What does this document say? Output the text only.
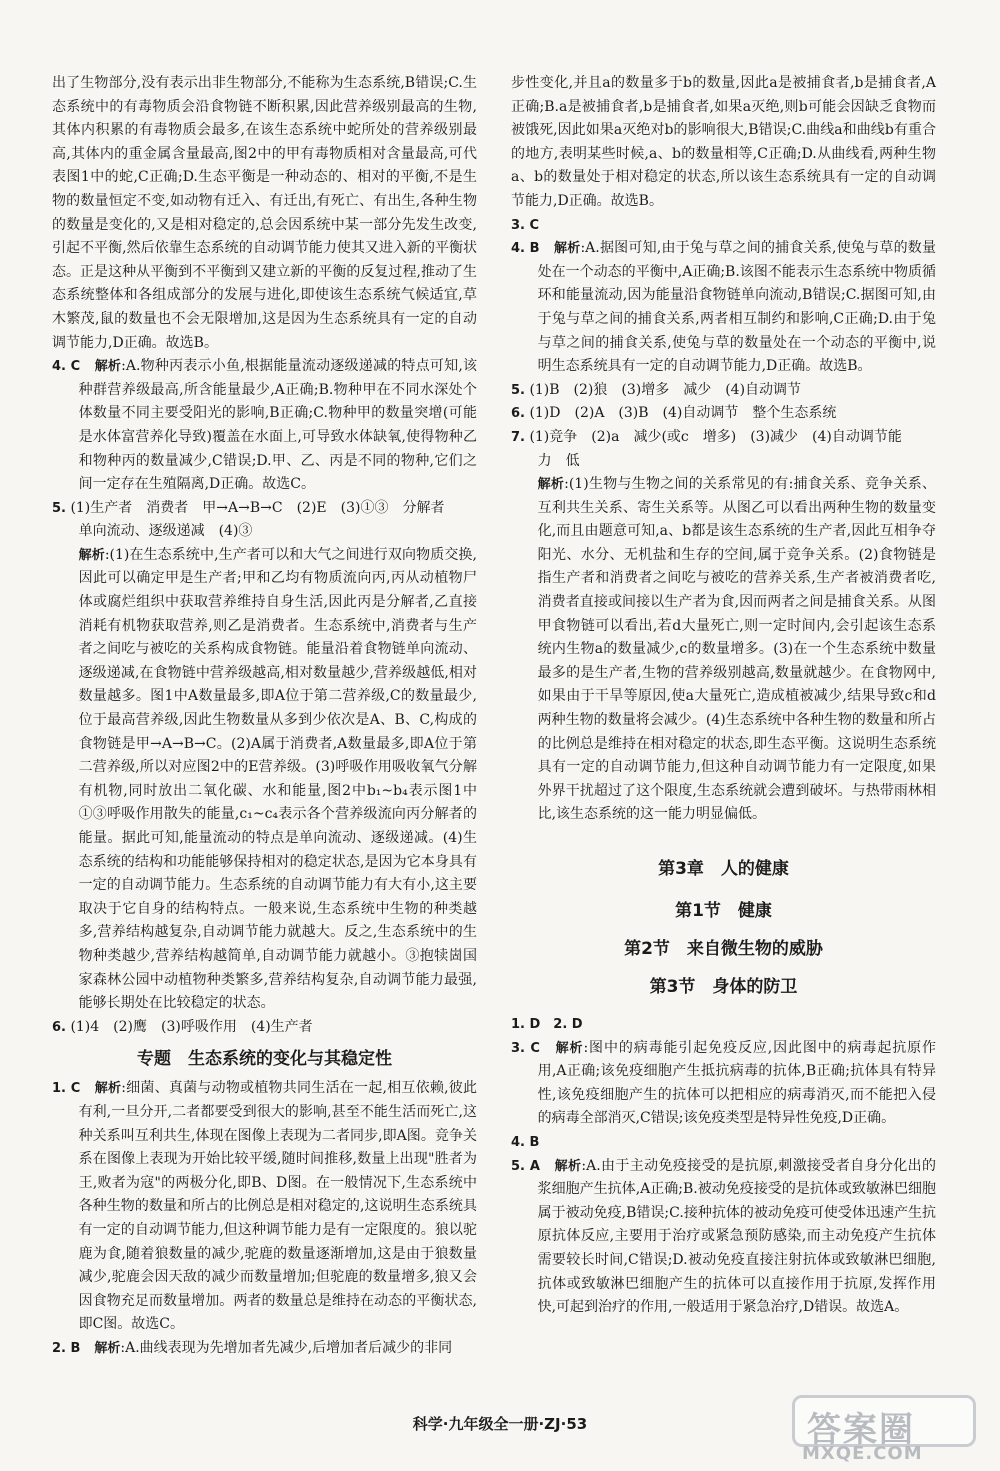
出了生物部分,没有表示出非生物部分,不能称为生态系统,B错误;C.生态系统中的有毒物质会沿食物链不断积累,因此营养级别最高的生物,其体内积累的有毒物质会最多,在该生态系统中蛇所处的营养级别最高,其体内的重金属含量最高,图2中的甲有毒物质相对含量最高,可代表图1中的蛇,C正确;D.生态平衡是一种动态的、相对的平衡,不是生物的数量恒定不变,如动物有迁入、有迁出,有死亡、有出生,各种生物的数量是变化的,又是相对稳定的,总会因系统中某一部分先发生改变,引起不平衡,然后依靠生态系统的自动调节能力使其又进入新的平衡状态。正是这种从平衡到不平衡到又建立新的平衡的反复过程,推动了生态系统整体和各组成部分的发展与进化,即使该生态系统气候适宜,草木繁茂,鼠的数量也不会无限增加,这是因为生态系统具有一定的自动调节能力,D正确。故选B。

4. C　 解析:A.物种丙表示小鱼,根据能量流动逐级递减的特点可知,该种群营养级最高,所含能量最少,A正确;B.物种甲在不同水深处个体数量不同主要受阳光的影响,B正确;C.物种甲的数量突增(可能是水体富营养化导致)覆盖在水面上,可导致水体缺氧,使得物种乙和物种丙的数量减少,C错误;D.甲、乙、丙是不同的物种,它们之间一定存在生殖隔离,D正确。故选C。

5. (1)生产者　消费者　甲→A→B→C　(2)E　(3)①③　分解者

单向流动、逐级递减　(4)③

解析:(1)在生态系统中,生产者可以和大气之间进行双向物质交换,因此可以确定甲是生产者;甲和乙均有物质流向丙,丙从动植物尸体或腐烂组织中获取营养维持自身生活,因此丙是分解者,乙直接消耗有机物获取营养,则乙是消费者。生态系统中,消费者与生产者之间吃与被吃的关系构成食物链。能量沿着食物链单向流动、逐级递减,在食物链中营养级越高,相对数量越少,营养级越低,相对数量越多。图1中A数量最多,即A位于第二营养级,C的数量最少,位于最高营养级,因此生物数量从多到少依次是A、B、C,构成的食物链是甲→A→B→C。(2)A属于消费者,A数量最多,即A位于第二营养级,所以对应图2中的E营养级。(3)呼吸作用吸收氧气分解有机物,同时放出二氧化碳、水和能量,图2中b₁~b₄表示图1中①③呼吸作用散失的能量,c₁~c₄表示各个营养级流向丙分解者的能量。据此可知,能量流动的特点是单向流动、逐级递减。(4)生态系统的结构和功能能够保持相对的稳定状态,是因为它本身具有一定的自动调节能力。生态系统的自动调节能力有大有小,这主要取决于它自身的结构特点。一般来说,生态系统中生物的种类越多,营养结构越复杂,自动调节能力就越大。反之,生态系统中的生物种类越少,营养结构越简单,自动调节能力就越小。③抱犊崮国家森林公园中动植物种类繁多,营养结构复杂,自动调节能力最强,能够长期处在比较稳定的状态。

6. (1)4　(2)鹰　(3)呼吸作用　(4)生产者

专题　生态系统的变化与其稳定性

1. C　 解析:细菌、真菌与动物或植物共同生活在一起,相互依赖,彼此有利,一旦分开,二者都要受到很大的影响,甚至不能生活而死亡,这种关系叫互利共生,体现在图像上表现为二者同步,即A图。竞争关系在图像上表现为开始比较平缓,随时间推移,数量上出现"胜者为王,败者为寇"的两极分化,即B、D图。在一般情况下,生态系统中各种生物的数量和所占的比例总是相对稳定的,这说明生态系统具有一定的自动调节能力,但这种调节能力是有一定限度的。狼以驼鹿为食,随着狼数量的减少,驼鹿的数量逐渐增加,这是由于狼数量减少,驼鹿会因天敌的减少而数量增加;但驼鹿的数量增多,狼又会因食物充足而数量增加。两者的数量总是维持在动态的平衡状态,即C图。故选C。

2. B　 解析:A.曲线表现为先增加者先减少,后增加者后减少的非同

步性变化,并且a的数量多于b的数量,因此a是被捕食者,b是捕食者,A正确;B.a是被捕食者,b是捕食者,如果a灭绝,则b可能会因缺乏食物而被饿死,因此如果a灭绝对b的影响很大,B错误;C.曲线a和曲线b有重合的地方,表明某些时候,a、b的数量相等,C正确;D.从曲线看,两种生物a、b的数量处于相对稳定的状态,所以该生态系统具有一定的自动调节能力,D正确。故选B。

3. C

4. B　 解析:A.据图可知,由于兔与草之间的捕食关系,使兔与草的数量处在一个动态的平衡中,A正确;B.该图不能表示生态系统中物质循环和能量流动,因为能量沿食物链单向流动,B错误;C.据图可知,由于兔与草之间的捕食关系,两者相互制约和影响,C正确;D.由于兔与草之间的捕食关系,使兔与草的数量处在一个动态的平衡中,说明生态系统具有一定的自动调节能力,D正确。故选B。

5. (1)B　(2)狼　(3)增多　减少　(4)自动调节

6. (1)D　(2)A　(3)B　(4)自动调节　整个生态系统

7. (1)竞争　(2)a　减少(或c　增多)　(3)减少　(4)自动调节能

力　低

解析:(1)生物与生物之间的关系常见的有:捕食关系、竞争关系、互利共生关系、寄生关系等。从图乙可以看出两种生物的数量变化,而且由题意可知,a、b都是该生态系统的生产者,因此互相争夺阳光、水分、无机盐和生存的空间,属于竞争关系。(2)食物链是指生产者和消费者之间吃与被吃的营养关系,生产者被消费者吃,消费者直接或间接以生产者为食,因而两者之间是捕食关系。从图甲食物链可以看出,若d大量死亡,则一定时间内,会引起该生态系统内生物a的数量减少,c的数量增多。(3)在一个生态系统中数量最多的是生产者,生物的营养级别越高,数量就越少。在食物网中,如果由于干旱等原因,使a大量死亡,造成植被减少,结果导致c和d两种生物的数量将会减少。(4)生态系统中各种生物的数量和所占的比例总是维持在相对稳定的状态,即生态平衡。这说明生态系统具有一定的自动调节能力,但这种自动调节能力有一定限度,如果外界干扰超过了这个限度,生态系统就会遭到破坏。与热带雨林相比,该生态系统的这一能力明显偏低。

第3章　人的健康
第1节　健康
第2节　来自微生物的威胁
第3节　身体的防卫

1. D　2. D

3. C　 解析:图中的病毒能引起免疫反应,因此图中的病毒起抗原作用,A正确;该免疫细胞产生抵抗病毒的抗体,B正确;抗体具有特异性,该免疫细胞产生的抗体可以把相应的病毒消灭,而不能把入侵的病毒全部消灭,C错误;该免疫类型是特异性免疫,D正确。

4. B

5. A　 解析:A.由于主动免疫接受的是抗原,刺激接受者自身分化出的浆细胞产生抗体,A正确;B.被动免疫接受的是抗体或致敏淋巴细胞属于被动免疫,B错误;C.接种抗体的被动免疫可使受体迅速产生抗原抗体反应,主要用于治疗或紧急预防感染,而主动免疫产生抗体需要较长时间,C错误;D.被动免疫直接注射抗体或致敏淋巴细胞,抗体或致敏淋巴细胞产生的抗体可以直接作用于抗原,发挥作用快,可起到治疗的作用,一般适用于紧急治疗,D错误。故选A。

科学·九年级全一册·ZJ·53	答案圈
MXQE.COM
